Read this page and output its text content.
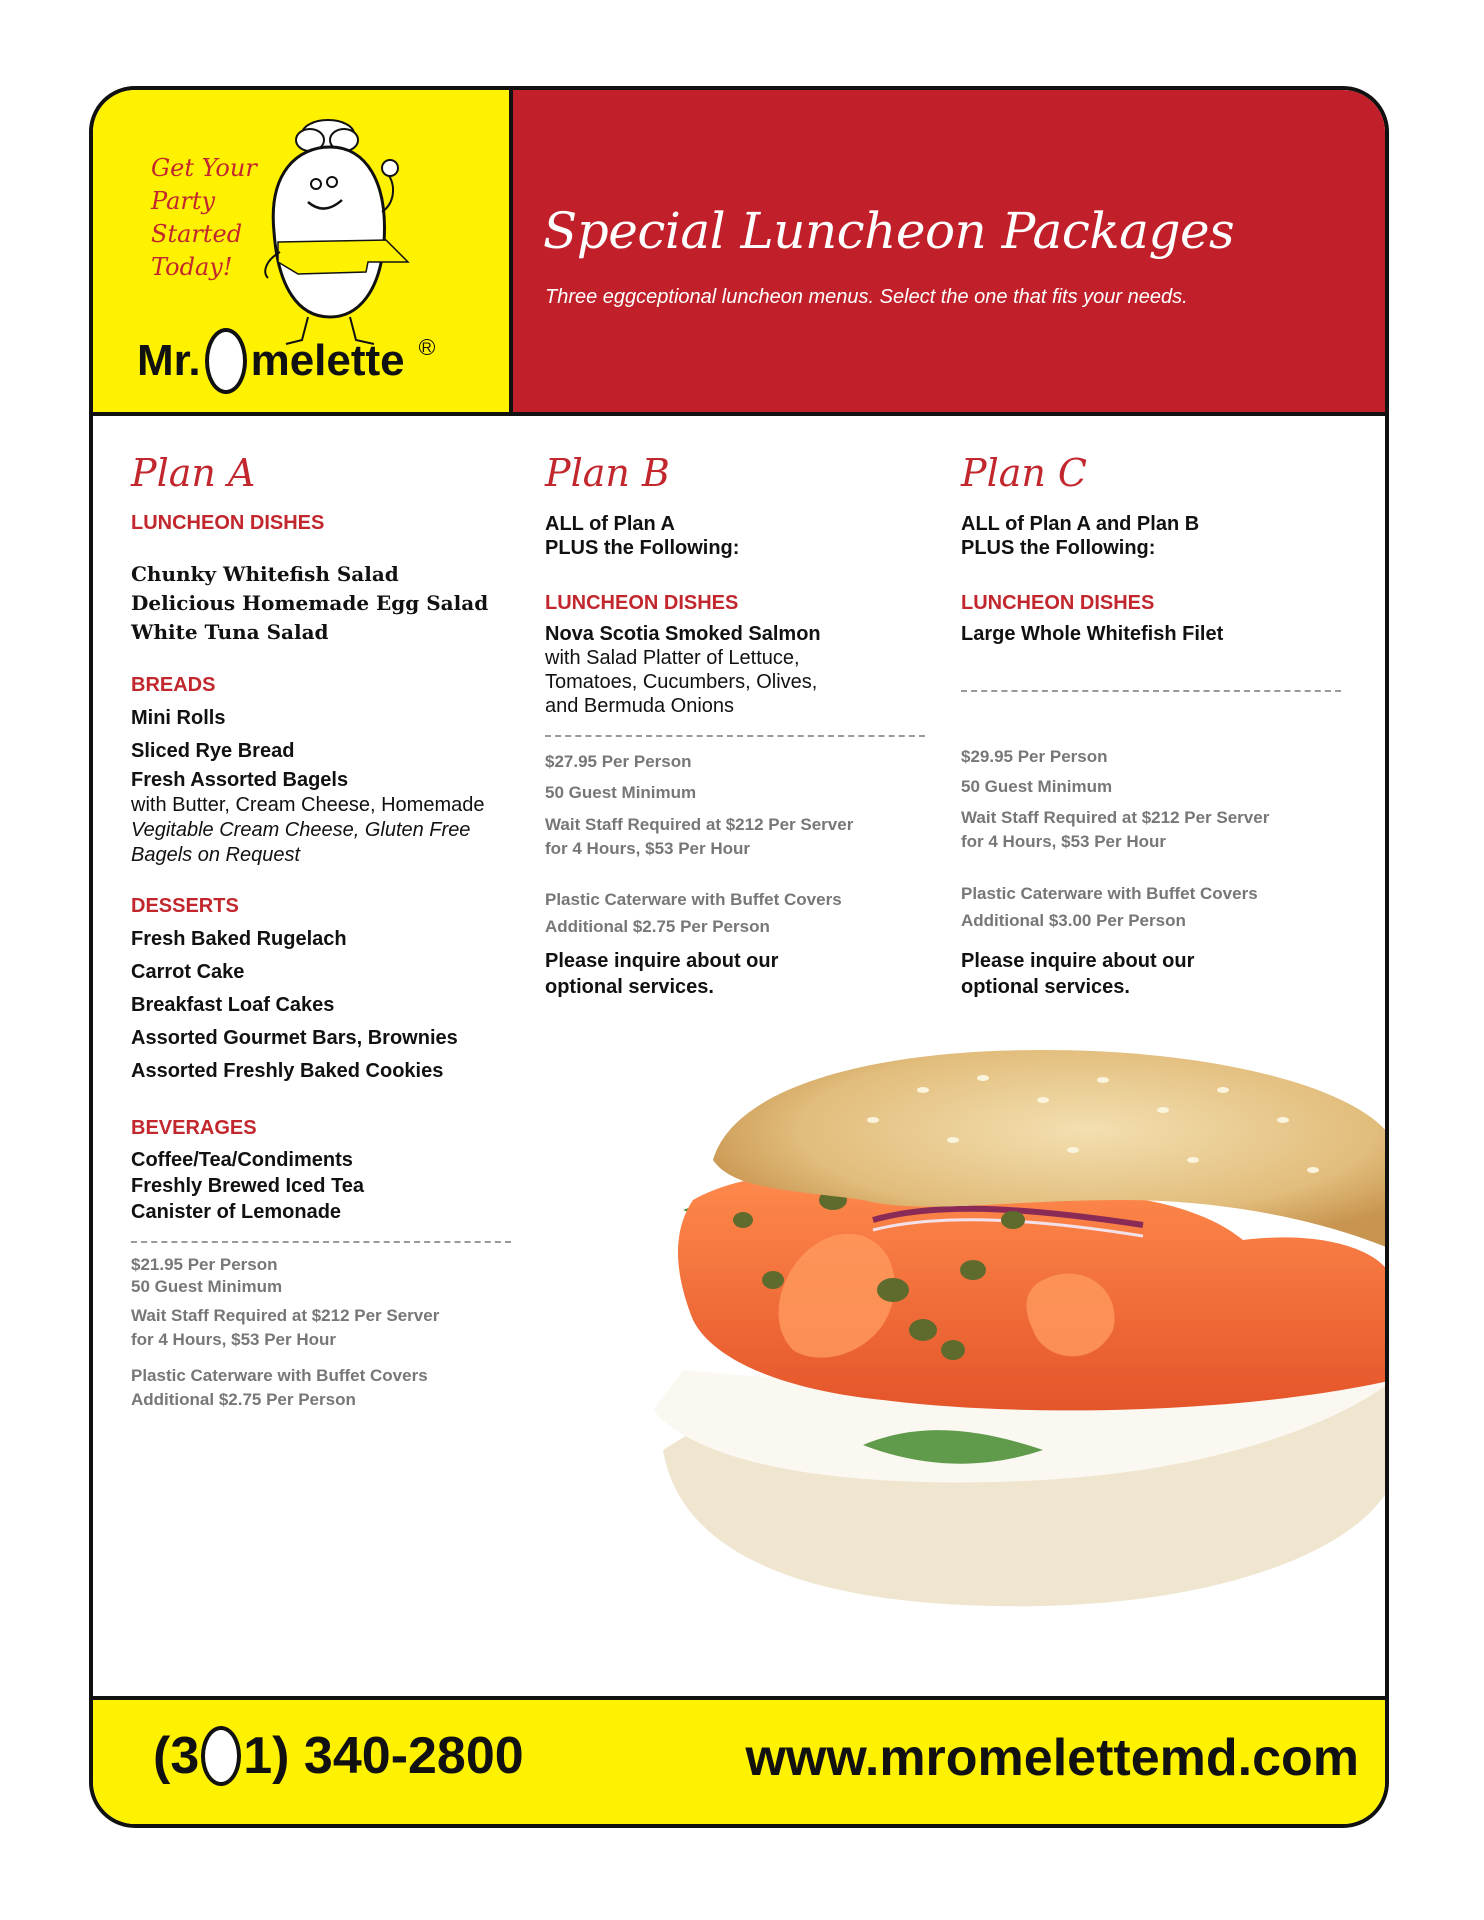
Get Your
Party
Started
Today!
Mr. melette R
Special Luncheon Packages
Three eggceptional luncheon menus. Select the one that fits your needs.
Plan A
LUNCHEON DISHES
Chunky Whitefish Salad
Delicious Homemade Egg Salad
White Tuna Salad
BREADS
Mini Rolls
Sliced Rye Bread
Fresh Assorted Bagels
with Butter, Cream Cheese, Homemade
Vegitable Cream Cheese, Gluten Free
Bagels on Request
DESSERTS
Fresh Baked Rugelach
Carrot Cake
Breakfast Loaf Cakes
Assorted Gourmet Bars, Brownies
Assorted Freshly Baked Cookies
BEVERAGES
Coffee/Tea/Condiments
Freshly Brewed Iced Tea
Canister of Lemonade
$21.95 Per Person
50 Guest Minimum
Wait Staff Required at $212 Per Server
for 4 Hours, $53 Per Hour
Plastic Caterware with Buffet Covers
Additional $2.75 Per Person
Plan B
ALL of Plan A
PLUS the Following:
LUNCHEON DISHES
Nova Scotia Smoked Salmon
with Salad Platter of Lettuce,
Tomatoes, Cucumbers, Olives,
and Bermuda Onions
$27.95 Per Person
50 Guest Minimum
Wait Staff Required at $212 Per Server
for 4 Hours, $53 Per Hour
Plastic Caterware with Buffet Covers
Additional $2.75 Per Person
Please inquire about our
optional services.
Plan C
ALL of Plan A and Plan B
PLUS the Following:
LUNCHEON DISHES
Large Whole Whitefish Filet
$29.95 Per Person
50 Guest Minimum
Wait Staff Required at $212 Per Server
for 4 Hours, $53 Per Hour
Plastic Caterware with Buffet Covers
Additional $3.00 Per Person
Please inquire about our
optional services.
(3 1) 340-2800	www.mromelettemd.com
